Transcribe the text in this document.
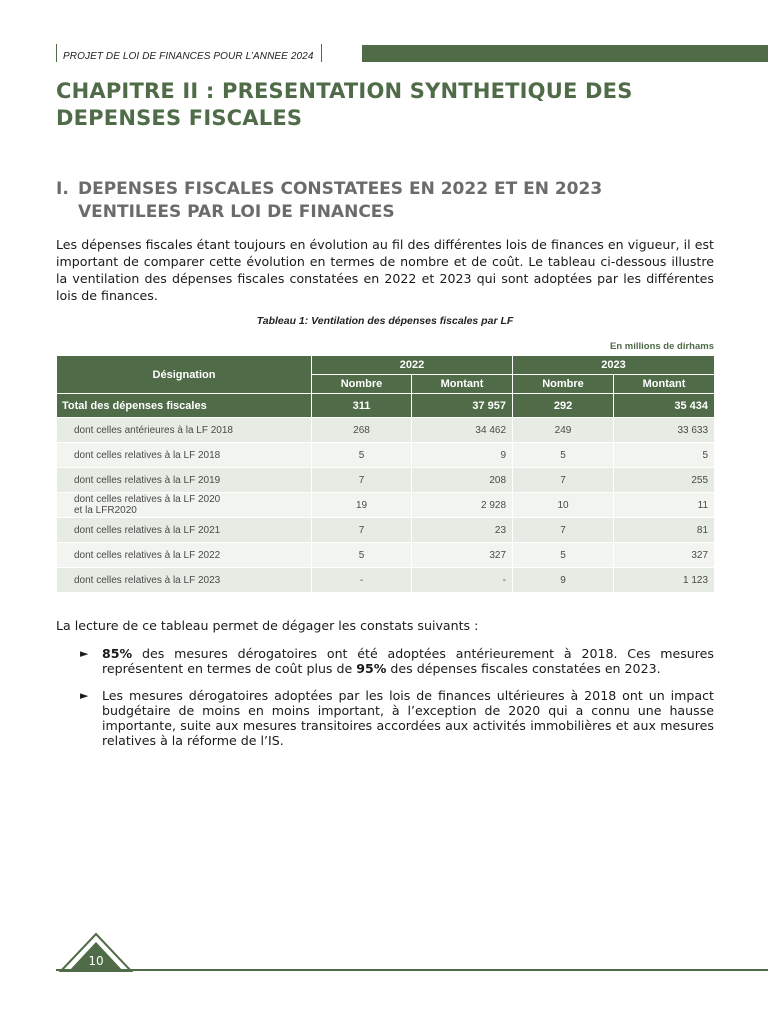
PROJET DE LOI DE FINANCES POUR L’ANNEE 2024
CHAPITRE II : PRESENTATION SYNTHETIQUE DES
DEPENSES FISCALES
I. DEPENSES FISCALES CONSTATEES EN 2022 ET EN 2023
VENTILEES PAR LOI DE FINANCES

Les dépenses fiscales étant toujours en évolution au fil des différentes lois de finances en vigueur, il est important de comparer cette évolution en termes de nombre et de coût. Le tableau ci-dessous illustre la ventilation des dépenses fiscales constatées en 2022 et 2023 qui sont adoptées par les différentes lois de finances.

Tableau 1: Ventilation des dépenses fiscales par LF
En millions de dirhams
Désignation	2022		2023	
	Nombre	Montant	Nombre	Montant
Total des dépenses fiscales	311	37 957	292	35 434
dont celles antérieures à la LF 2018	268	34 462	249	33 633
dont celles relatives à la LF 2018	5	9	5	5
dont celles relatives à la LF 2019	7	208	7	255
dont celles relatives à la LF 2020
et la LFR2020	19	2 928	10	11
dont celles relatives à la LF 2021	7	23	7	81
dont celles relatives à la LF 2022	5	327	5	327
dont celles relatives à la LF 2023	-	-	9	1 123

La lecture de ce tableau permet de dégager les constats suivants :

► 85% des mesures dérogatoires ont été adoptées antérieurement à 2018. Ces mesures représentent en termes de coût plus de 95% des dépenses fiscales constatées en 2023.
► Les mesures dérogatoires adoptées par les lois de finances ultérieures à 2018 ont un impact budgétaire de moins en moins important, à l’exception de 2020 qui a connu une hausse importante, suite aux mesures transitoires accordées aux activités immobilières et aux mesures relatives à la réforme de l’IS.
10
